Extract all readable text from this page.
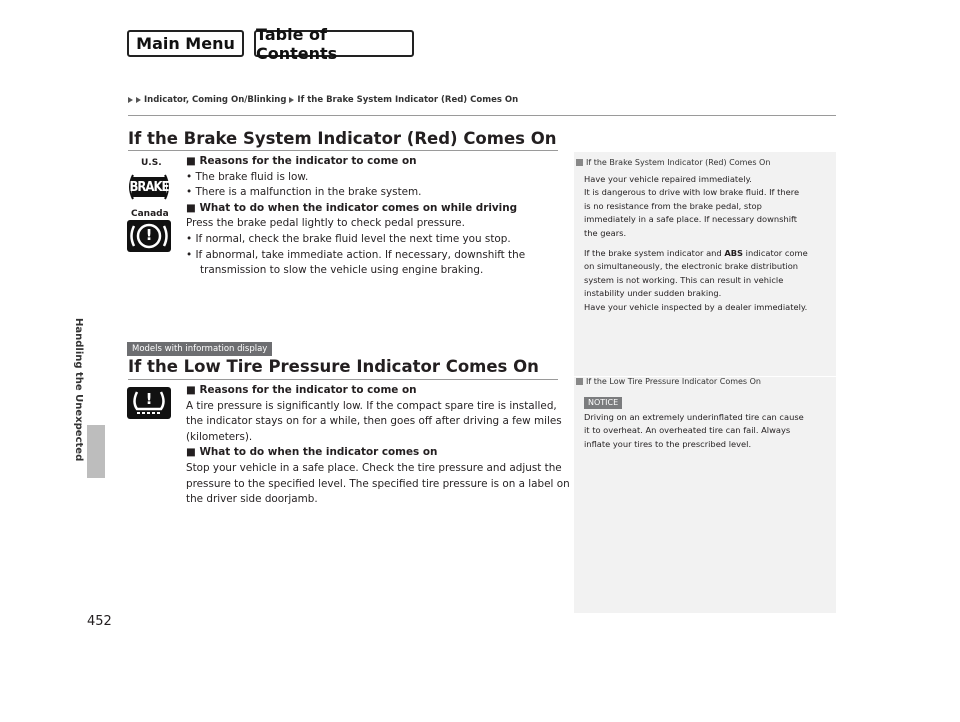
Main Menu	Table of Contents
Indicator, Coming On/Blinking If the Brake System Indicator (Red) Comes On
Handling the Unexpected
452
If the Brake System Indicator (Red) Comes On
U.S.
BRAKE
Canada
!
■ Reasons for the indicator to come on
• The brake fluid is low.
• There is a malfunction in the brake system.
■ What to do when the indicator comes on while driving
Press the brake pedal lightly to check pedal pressure.
• If normal, check the brake fluid level the next time you stop.
• If abnormal, take immediate action. If necessary, downshift the
transmission to slow the vehicle using engine braking.
If the Brake System Indicator (Red) Comes On
Have your vehicle repaired immediately.
It is dangerous to drive with low brake fluid. If there
is no resistance from the brake pedal, stop
immediately in a safe place. If necessary downshift
the gears.
If the brake system indicator and ABS indicator come
on simultaneously, the electronic brake distribution
system is not working. This can result in vehicle
instability under sudden braking.
Have your vehicle inspected by a dealer immediately.
Models with information display
If the Low Tire Pressure Indicator Comes On
!	■ Reasons for the indicator to come on
A tire pressure is significantly low. If the compact spare tire is installed,
the indicator stays on for a while, then goes off after driving a few miles
(kilometers).
■ What to do when the indicator comes on
Stop your vehicle in a safe place. Check the tire pressure and adjust the
pressure to the specified level. The specified tire pressure is on a label on
the driver side doorjamb.
If the Low Tire Pressure Indicator Comes On
NOTICE
Driving on an extremely underinflated tire can cause
it to overheat. An overheated tire can fail. Always
inflate your tires to the prescribed level.
